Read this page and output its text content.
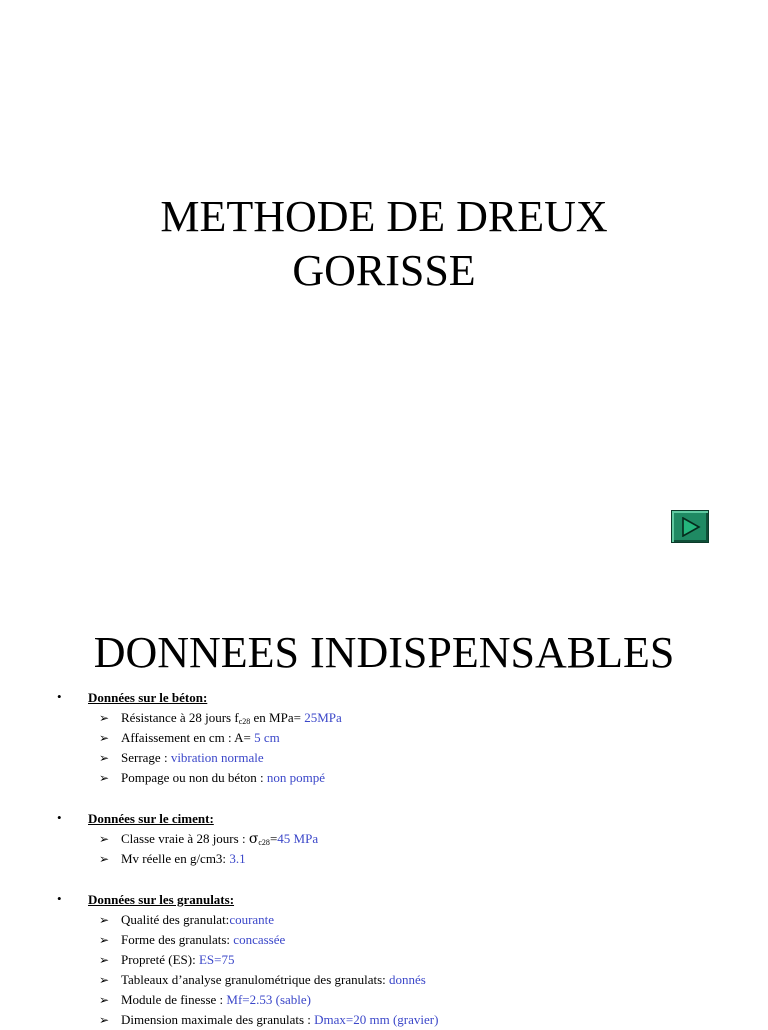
METHODE DE DREUX
GORISSE
DONNEES INDISPENSABLES
• Données sur le béton:
➢ Résistance à 28 jours $f_{c28}$ en MPa= 25MPa
➢ Affaissement en cm : A= 5 cm
➢ Serrage : vibration normale
➢ Pompage ou non du béton : non pompé
• Données sur le ciment:
➢ Classe vraie à 28 jours : $\sigma_{c28}=45$ MPa
➢ Mv réelle en g/cm3: 3.1
• Données sur les granulats:
➢ Qualité des granulat:courante
➢ Forme des granulats: concassée
➢ Propreté (ES): ES=75
➢ Tableaux d’analyse granulométrique des granulats: donnés
➢ Module de finesse : Mf=2.53 (sable)
➢ Dimension maximale des granulats : Dmax=20 mm (gravier)
